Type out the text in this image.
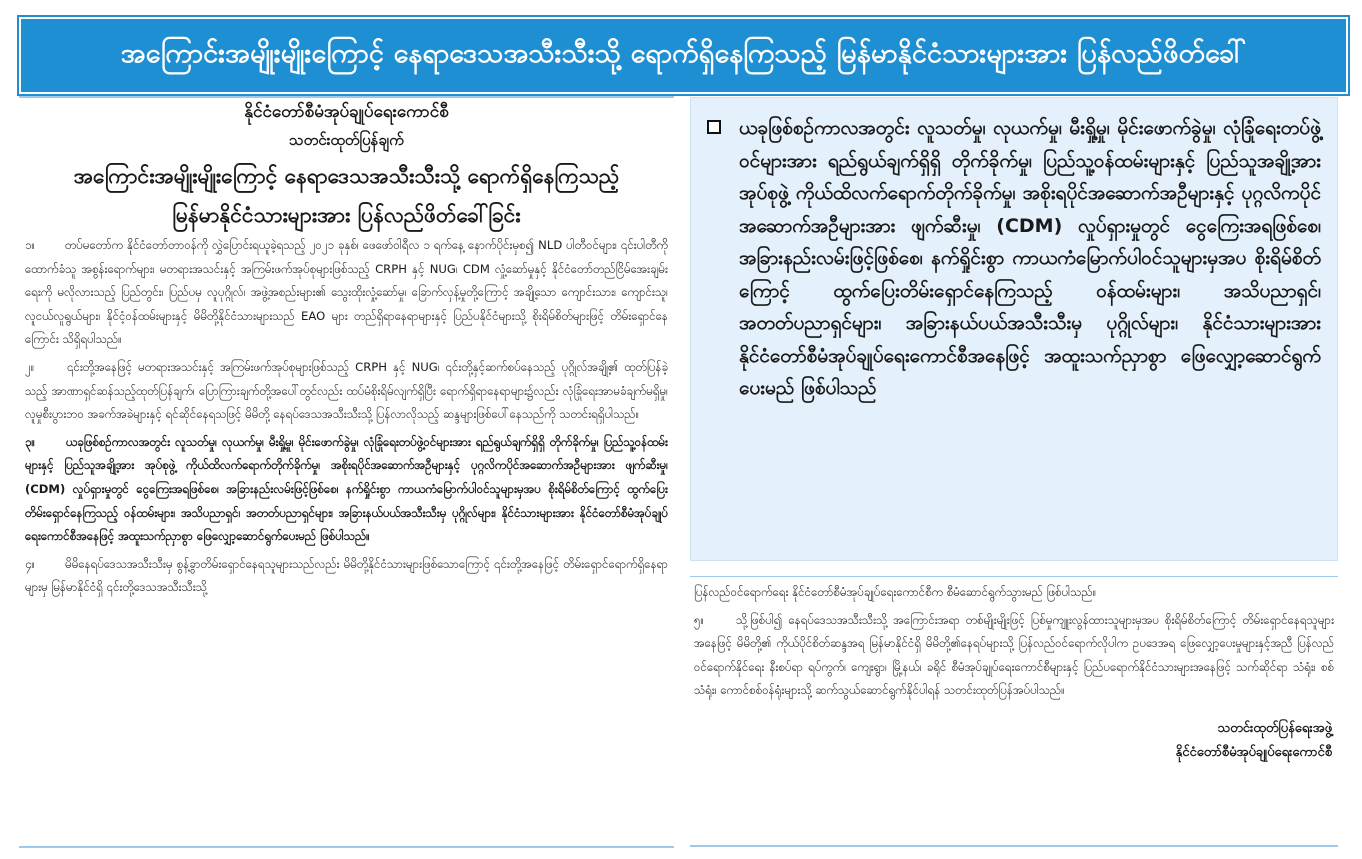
အကြောင်းအမျိုးမျိုးကြောင့် နေရာဒေသအသီးသီးသို့ ရောက်ရှိနေကြသည့် မြန်မာနိုင်ငံသားများအား ပြန်လည်ဖိတ်ခေါ်
နိုင်ငံတော်စီမံအုပ်ချုပ်ရေးကောင်စီ
သတင်းထုတ်ပြန်ချက်
အကြောင်းအမျိုးမျိုးကြောင့် နေရာဒေသအသီးသီးသို့ ရောက်ရှိနေကြသည့်
မြန်မာနိုင်ငံသားများအား ပြန်လည်ဖိတ်ခေါ်ခြင်း

၁။	တပ်မတော်က နိုင်ငံတော်တာဝန်ကို လွှဲပြောင်းရယူခဲ့ရသည့် ၂၀၂၁ ခုနှစ်၊ ဖေဖော်ဝါရီလ ၁ ရက်နေ့ နောက်ပိုင်းမှစ၍ NLD ပါတီဝင်များ၊ ၎င်းပါတီကိုထောက်ခံသူ အစွန်းရောက်များ၊ မတရားအသင်းနှင့် အကြမ်းဖက်အုပ်စုများဖြစ်သည့် CRPH နှင့် NUG၊ CDM လှုံ့ဆော်မှုနှင့် နိုင်ငံတော်တည်ငြိမ်အေးချမ်းရေးကို မလိုလားသည့် ပြည်တွင်း၊ ပြည်ပမှ လူပုဂ္ဂိုလ်၊ အဖွဲ့အစည်းများ၏ သွေးထိုးလှုံ့ဆော်မှု၊ ခြောက်လှန့်မှုတို့ကြောင့် အချို့သော ကျောင်းသား၊ ကျောင်းသူ၊ လူငယ်လူရွယ်များ၊ နိုင်ငံ့ဝန်ထမ်းများနှင့် မိမိတို့နိုင်ငံသားများသည် EAO များ တည်ရှိရာနေရာများနှင့် ပြည်ပနိုင်ငံများသို့ စိုးရိမ်စိတ်များဖြင့် တိမ်းရှောင်နေကြောင်း သိရှိရပါသည်။

၂။	၎င်းတို့အနေဖြင့် မတရားအသင်းနှင့် အကြမ်းဖက်အုပ်စုများဖြစ်သည့် CRPH နှင့် NUG၊ ၎င်းတို့နှင့်ဆက်စပ်နေသည့် ပုဂ္ဂိုလ်အချို့၏ ထုတ်ပြန်ခဲ့သည့် အာဏာရှင်ဆန်သည့်ထုတ်ပြန်ချက်၊ ပြောကြားချက်တို့အပေါ်တွင်လည်း ထပ်မံစိုးရိမ်လျက်ရှိပြီး ရောက်ရှိရာနေရာများ၌လည်း လုံခြုံရေးအာမခံချက်မရှိမှု၊ လူမှုစီးပွားဘဝ အခက်အခဲများနှင့် ရင်ဆိုင်နေရသဖြင့် မိမိတို့ နေရပ်ဒေသအသီးသီးသို့ ပြန်လာလိုသည့် ဆန္ဒများဖြစ်ပေါ်နေသည်ကို သတင်းရရှိပါသည်။

၃။	ယခုဖြစ်စဉ်ကာလအတွင်း လူသတ်မှု၊ လုယက်မှု၊ မီးရှို့မှု၊ မိုင်းဖောက်ခွဲမှု၊ လုံခြုံရေးတပ်ဖွဲ့ဝင်များအား ရည်ရွယ်ချက်ရှိရှိ တိုက်ခိုက်မှု၊ ပြည်သူ့ဝန်ထမ်းများနှင့် ပြည်သူအချို့အား အုပ်စုဖွဲ့ ကိုယ်ထိလက်ရောက်တိုက်ခိုက်မှု၊ အစိုးရပိုင်အဆောက်အဦများနှင့် ပုဂ္ဂလိကပိုင်အဆောက်အဦများအား ဖျက်ဆီးမှု၊ (CDM) လှုပ်ရှားမှုတွင် ငွေကြေးအရဖြစ်စေ၊ အခြားနည်းလမ်းဖြင့်ဖြစ်စေ၊ နက်ရှိုင်းစွာ ကာယကံမြောက်ပါဝင်သူများမှအပ စိုးရိမ်စိတ်ကြောင့် ထွက်ပြေးတိမ်းရှောင်နေကြသည့် ဝန်ထမ်းများ၊ အသိပညာရှင်၊ အတတ်ပညာရှင်များ၊ အခြားနယ်ပယ်အသီးသီးမှ ပုဂ္ဂိုလ်များ၊ နိုင်ငံသားများအား နိုင်ငံတော်စီမံအုပ်ချုပ်ရေးကောင်စီအနေဖြင့် အထူးသက်ညှာစွာ ဖြေလျှော့ဆောင်ရွက်ပေးမည် ဖြစ်ပါသည်။

၄။	မိမိနေရပ်ဒေသအသီးသီးမှ စွန့်ခွာတိမ်းရှောင်နေရသူများသည်လည်း မိမိတို့နိုင်ငံသားများဖြစ်သောကြောင့် ၎င်းတို့အနေဖြင့် တိမ်းရှောင်ရောက်ရှိနေရာများမှ မြန်မာနိုင်ငံရှိ ၎င်းတို့ဒေသအသီးသီးသို့

ယခုဖြစ်စဉ်ကာလအတွင်း လူသတ်မှု၊ လုယက်မှု၊ မီးရှို့မှု၊ မိုင်းဖောက်ခွဲမှု၊ လုံခြုံရေးတပ်ဖွဲ့ဝင်များအား ရည်ရွယ်ချက်ရှိရှိ တိုက်ခိုက်မှု၊ ပြည်သူ့ဝန်ထမ်းများနှင့် ပြည်သူအချို့အား အုပ်စုဖွဲ့ ကိုယ်ထိလက်ရောက်တိုက်ခိုက်မှု၊ အစိုးရပိုင်အဆောက်အဦများနှင့် ပုဂ္ဂလိကပိုင်အဆောက်အဦများအား ဖျက်ဆီးမှု၊ (CDM) လှုပ်ရှားမှုတွင် ငွေကြေးအရဖြစ်စေ၊ အခြားနည်းလမ်းဖြင့်ဖြစ်စေ၊ နက်ရှိုင်းစွာ ကာယကံမြောက်ပါဝင်သူများမှအပ စိုးရိမ်စိတ်ကြောင့် ထွက်ပြေးတိမ်းရှောင်နေကြသည့် ဝန်ထမ်းများ၊ အသိပညာရှင်၊ အတတ်ပညာရှင်များ၊ အခြားနယ်ပယ်အသီးသီးမှ ပုဂ္ဂိုလ်များ၊ နိုင်ငံသားများအား နိုင်ငံတော်စီမံအုပ်ချုပ်ရေးကောင်စီအနေဖြင့် အထူးသက်ညှာစွာ ဖြေလျှော့ဆောင်ရွက်ပေးမည် ဖြစ်ပါသည်

ပြန်လည်ဝင်ရောက်ရေး နိုင်ငံတော်စီမံအုပ်ချုပ်ရေးကောင်စီက စီမံဆောင်ရွက်သွားမည် ဖြစ်ပါသည်။

၅။	သို့ဖြစ်ပါ၍ နေရပ်ဒေသအသီးသီးသို့ အကြောင်းအရာ တစ်မျိုးမျိုးဖြင့် ပြစ်မှုကျူးလွန်ထားသူများမှအပ စိုးရိမ်စိတ်ကြောင့် တိမ်းရှောင်နေရသူများအနေဖြင့် မိမိတို့၏ ကိုယ်ပိုင်စိတ်ဆန္ဒအရ မြန်မာနိုင်ငံရှိ မိမိတို့၏နေရပ်များသို့ ပြန်လည်ဝင်ရောက်လိုပါက ဥပဒေအရ ဖြေလျှော့ပေးမှုများနှင့်အညီ ပြန်လည်ဝင်ရောက်နိုင်ရေး နီးစပ်ရာ ရပ်ကွက်၊ ကျေးရွာ၊ မြို့နယ်၊ ခရိုင် စီမံအုပ်ချုပ်ရေးကောင်စီများနှင့် ပြည်ပရောက်နိုင်ငံသားများအနေဖြင့် သက်ဆိုင်ရာ သံရုံး၊ စစ်သံရုံး၊ ကောင်စစ်ဝန်ရုံးများသို့ ဆက်သွယ်ဆောင်ရွက်နိုင်ပါရန် သတင်းထုတ်ပြန်အပ်ပါသည်။

သတင်းထုတ်ပြန်ရေးအဖွဲ့
နိုင်ငံတော်စီမံအုပ်ချုပ်ရေးကောင်စီ
